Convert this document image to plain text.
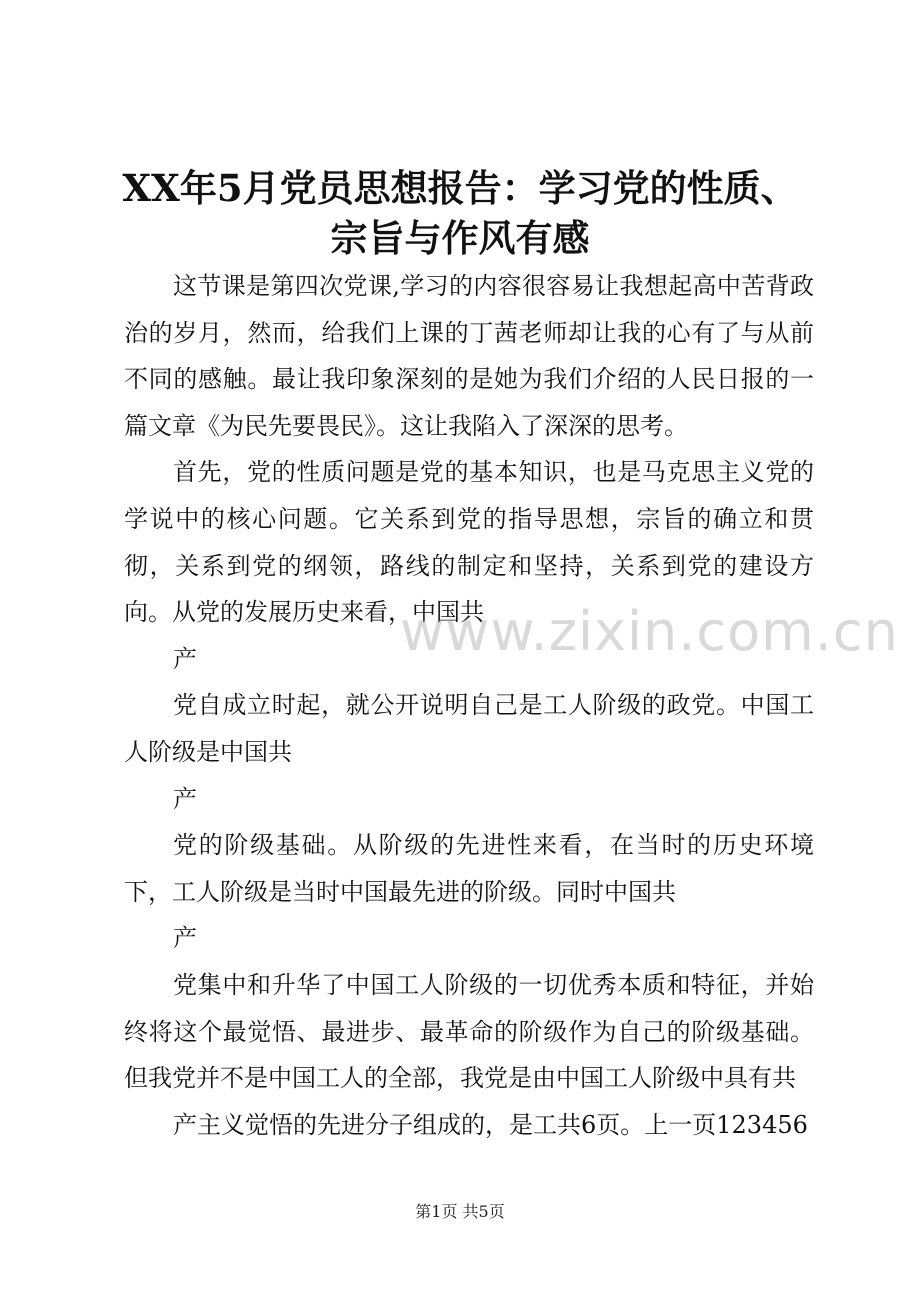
XX年5月党员思想报告：学习党的性质、宗旨与作风有感

这节课是第四次党课,学习的内容很容易让我想起高中苦背政治的岁月，然而，给我们上课的丁茜老师却让我的心有了与从前不同的感触。最让我印象深刻的是她为我们介绍的人民日报的一篇文章《为民先要畏民》。这让我陷入了深深的思考。

首先，党的性质问题是党的基本知识，也是马克思主义党的学说中的核心问题。它关系到党的指导思想，宗旨的确立和贯彻，关系到党的纲领，路线的制定和坚持，关系到党的建设方向。从党的发展历史来看，中国共

产

党自成立时起，就公开说明自己是工人阶级的政党。中国工人阶级是中国共

产

党的阶级基础。从阶级的先进性来看，在当时的历史环境下，工人阶级是当时中国最先进的阶级。同时中国共

产

党集中和升华了中国工人阶级的一切优秀本质和特征，并始终将这个最觉悟、最进步、最革命的阶级作为自己的阶级基础。但我党并不是中国工人的全部，我党是由中国工人阶级中具有共

产主义觉悟的先进分子组成的，是工共6页。上一页123456

www.zixin.com.cn
第1页 共5页
